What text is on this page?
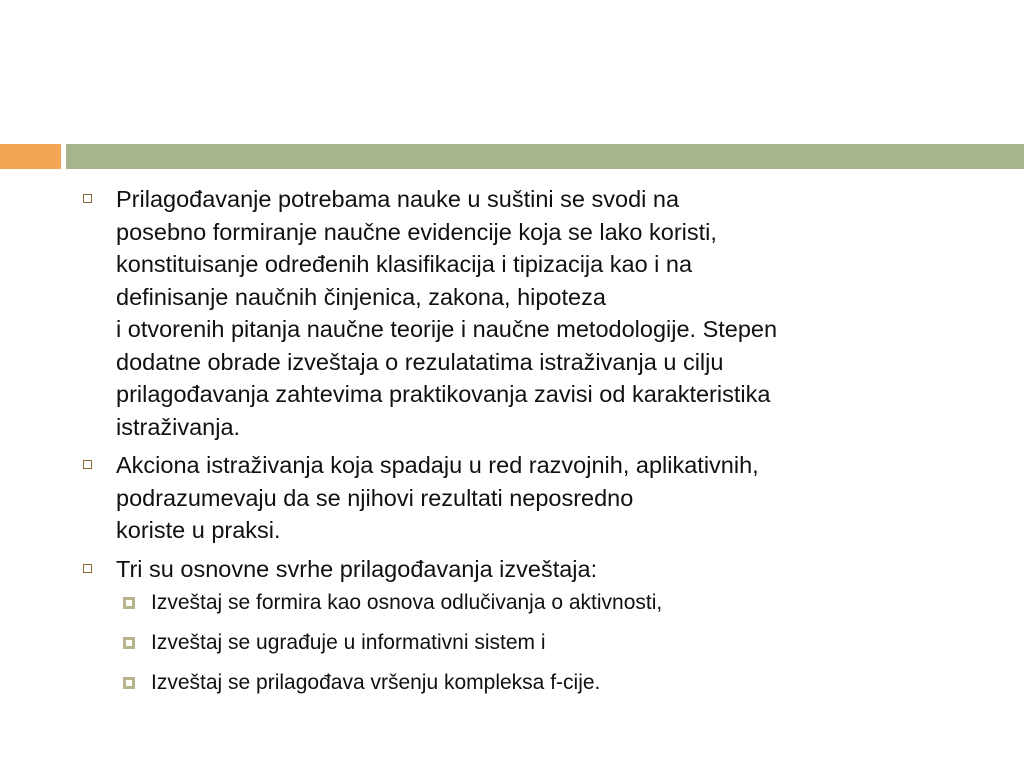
Prilagođavanje potrebama nauke u suštini se svodi na
posebno formiranje naučne evidencije koja se lako koristi,
konstituisanje određenih klasifikacija i tipizacija kao i na
definisanje naučnih činjenica, zakona, hipoteza
i otvorenih pitanja naučne teorije i naučne metodologije. Stepen
dodatne obrade izveštaja o rezulatatima istraživanja u cilju
prilagođavanja zahtevima praktikovanja zavisi od karakteristika
istraživanja.
Akciona istraživanja koja spadaju u red razvojnih, aplikativnih,
podrazumevaju da se njihovi rezultati neposredno
koriste u praksi.
Tri su osnovne svrhe prilagođavanja izveštaja:
Izveštaj se formira kao osnova odlučivanja o aktivnosti,
Izveštaj se ugrađuje u informativni sistem i
Izveštaj se prilagođava vršenju kompleksa f-cije.
